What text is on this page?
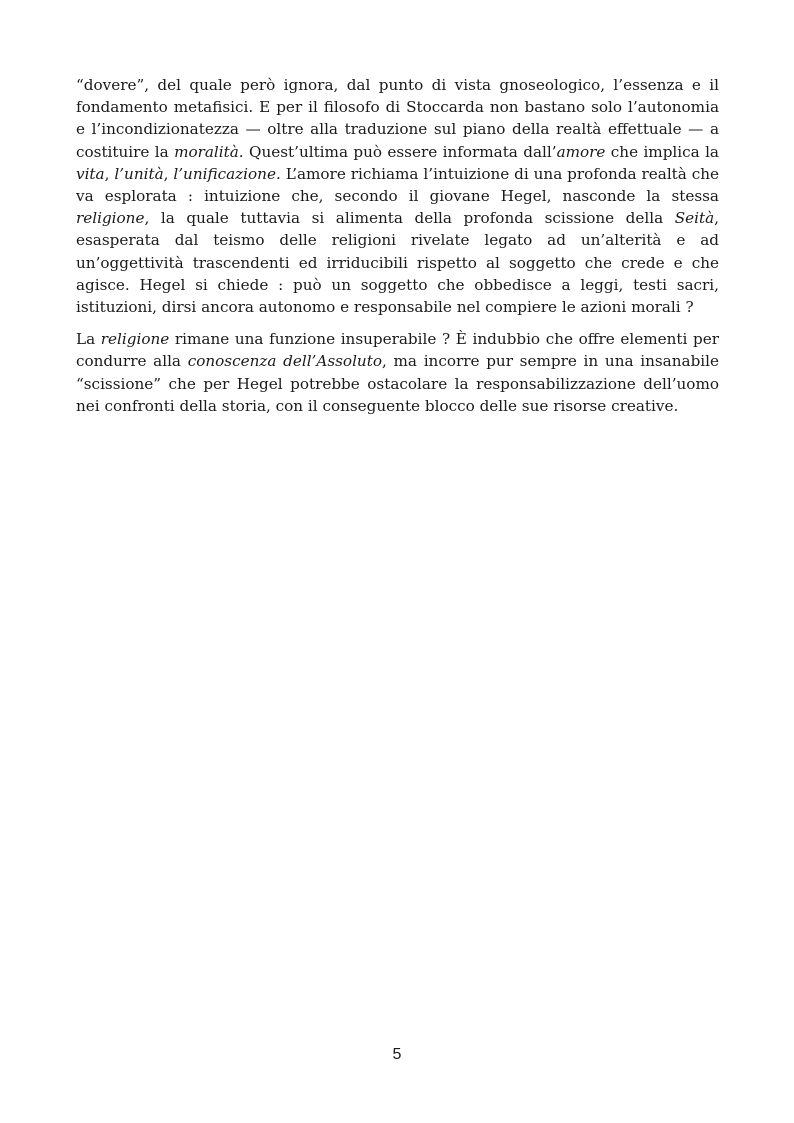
“dovere”, del quale però ignora, dal punto di vista gnoseologico, l’essenza e il fondamento metafisici. E per il filosofo di Stoccarda non bastano solo l’autonomia e l’incondizionatezza — oltre alla traduzione sul piano della realtà effettuale — a costituire la moralità. Quest’ultima può essere informata dall’amore che implica la vita, l’unità, l’unificazione. L’amore richiama l’intuizione di una profonda realtà che va esplorata : intuizione che, secondo il giovane Hegel, nasconde la stessa religione, la quale tuttavia si alimenta della profonda scissione della Seità, esasperata dal teismo delle religioni rivelate legato ad un’alterità e ad un’oggettività trascendenti ed irriducibili rispetto al soggetto che crede e che agisce. Hegel si chiede : può un soggetto che obbedisce a leggi, testi sacri, istituzioni, dirsi ancora autonomo e responsabile nel compiere le azioni morali ?

La religione rimane una funzione insuperabile ? È indubbio che offre elementi per condurre alla conoscenza dell’Assoluto, ma incorre pur sempre in una insanabile “scissione” che per Hegel potrebbe ostacolare la responsabilizzazione dell’uomo nei confronti della storia, con il conseguente blocco delle sue risorse creative.

5
